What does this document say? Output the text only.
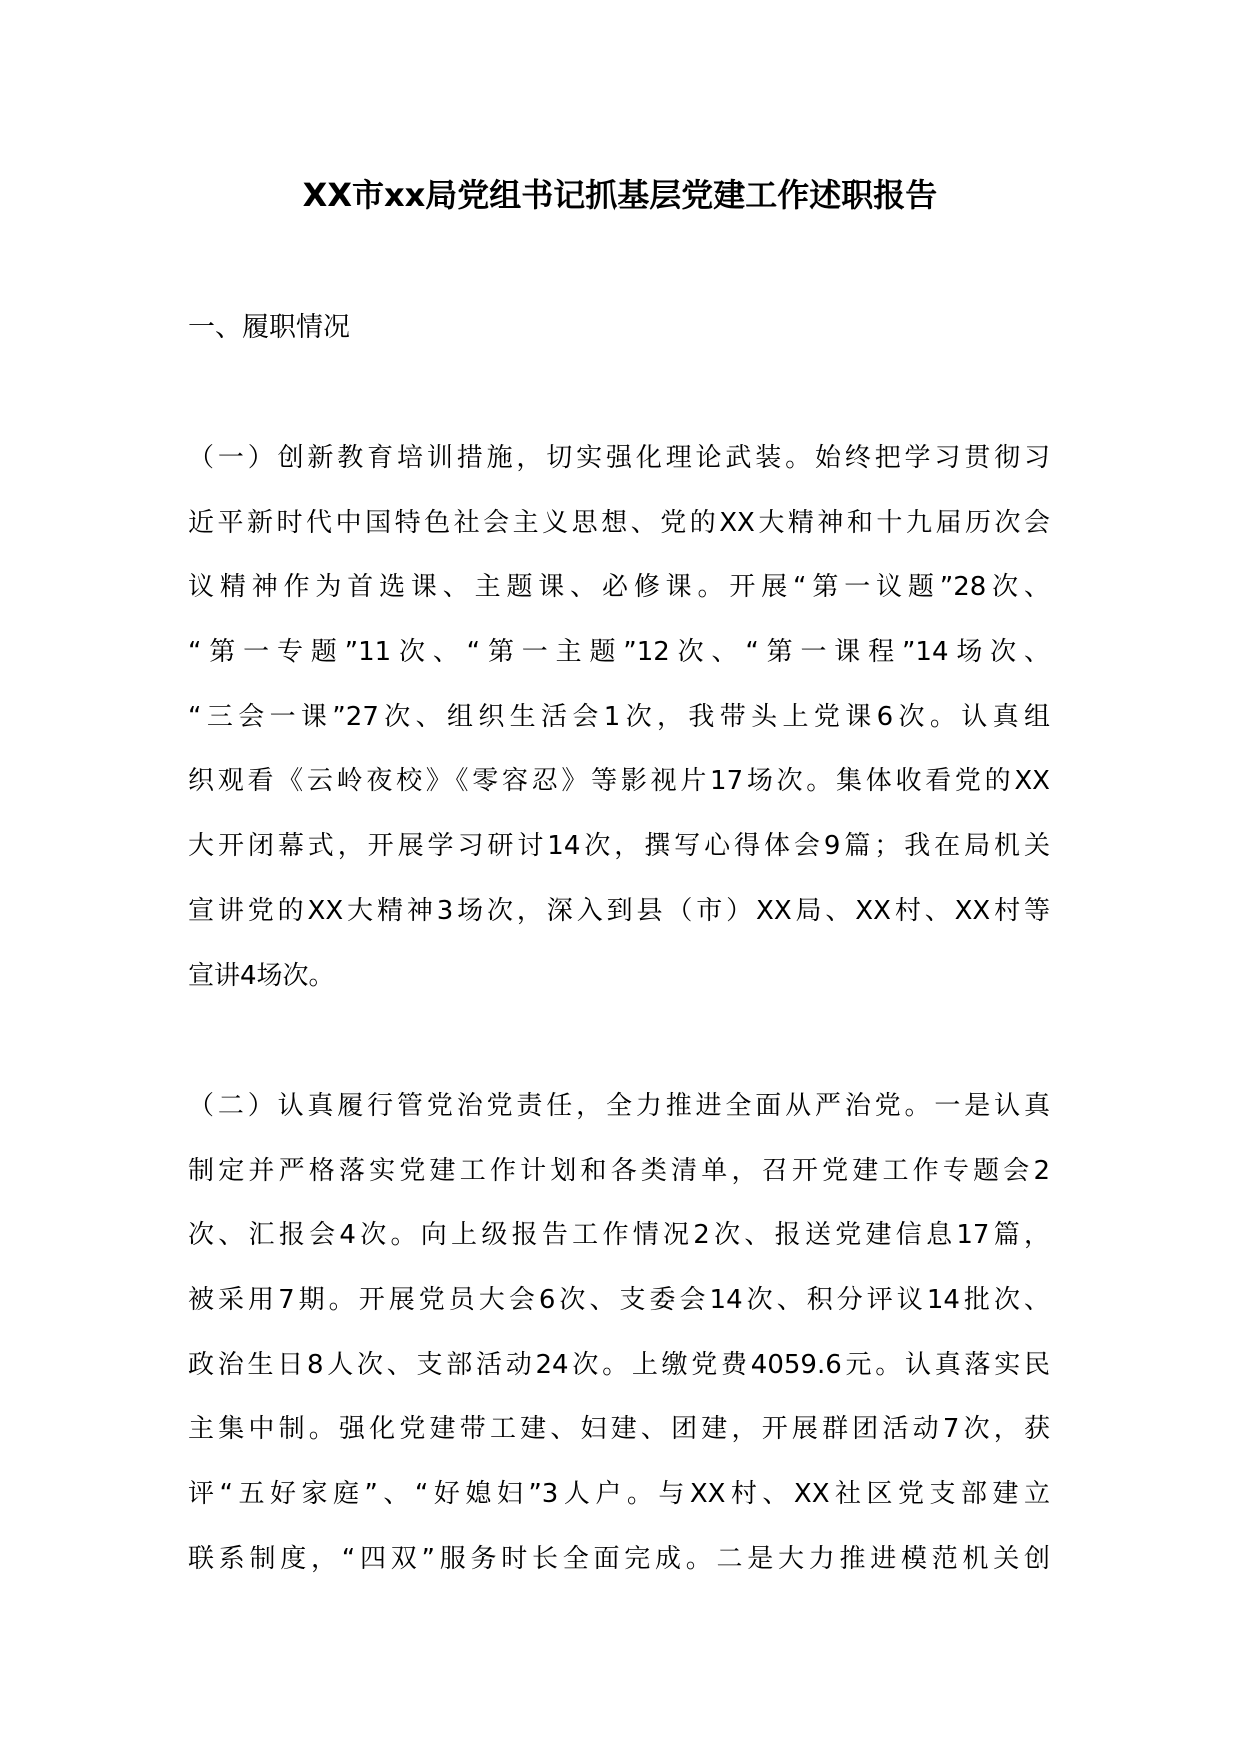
XX市xx局党组书记抓基层党建工作述职报告
一、履职情况
（一）创新教育培训措施，切实强化理论武装。始终把学习贯彻习
近平新时代中国特色社会主义思想、党的XX大精神和十九届历次会
议精神作为首选课、主题课、必修课。开展“第一议题”28次、
“第一专题”11次、“第一主题”12次、“第一课程”14场次、
“三会一课”27次、组织生活会1次，我带头上党课6次。认真组
织观看《云岭夜校》《零容忍》等影视片17场次。集体收看党的XX
大开闭幕式，开展学习研讨14次，撰写心得体会9篇；我在局机关
宣讲党的XX大精神3场次，深入到县（市）XX局、XX村、XX村等
宣讲4场次。
（二）认真履行管党治党责任，全力推进全面从严治党。一是认真
制定并严格落实党建工作计划和各类清单，召开党建工作专题会2
次、汇报会4次。向上级报告工作情况2次、报送党建信息17篇，
被采用7期。开展党员大会6次、支委会14次、积分评议14批次、
政治生日8人次、支部活动24次。上缴党费4059.6元。认真落实民
主集中制。强化党建带工建、妇建、团建，开展群团活动7次，获
评“五好家庭”、“好媳妇”3人户。与XX村、XX社区党支部建立
联系制度，“四双”服务时长全面完成。二是大力推进模范机关创
